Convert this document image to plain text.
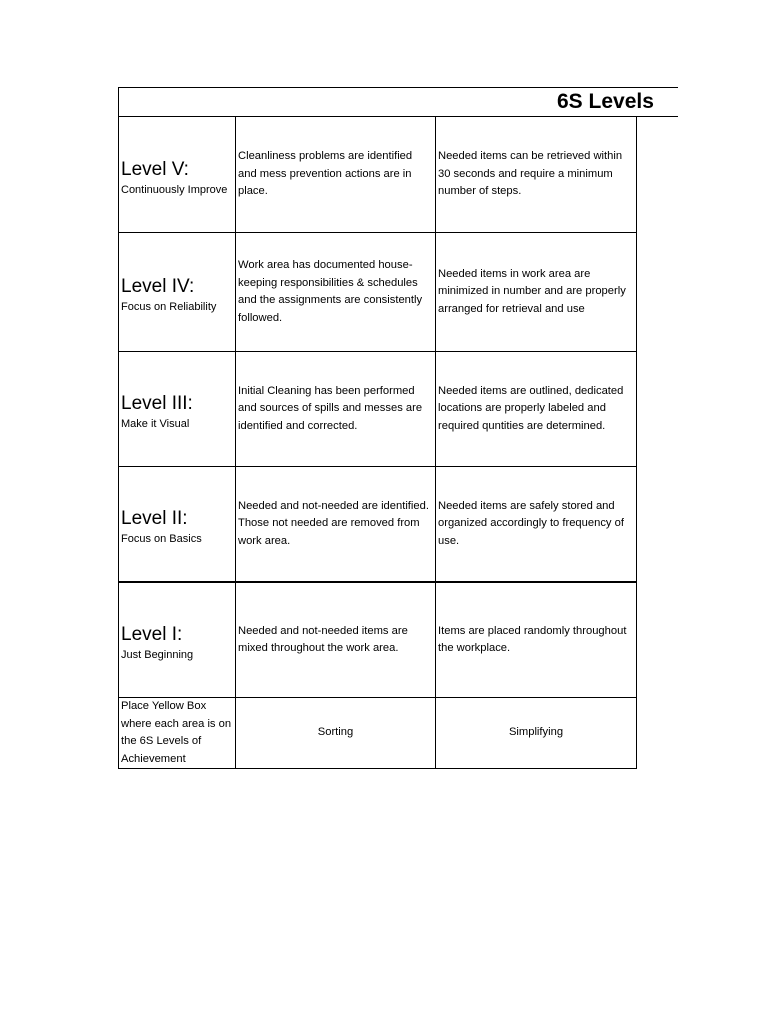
6S Levels
Level V:
Continuously Improve	Cleanliness problems are identified and mess prevention actions are in place.	Needed items can be retrieved within 30 seconds and require a minimum number of steps.

Level IV:
Focus on Reliability	Work area has documented house-keeping responsibilities & schedules and the assignments are consistently followed.	Needed items in work area are minimized in number and are properly arranged for retrieval and use

Level III:
Make it Visual	Initial Cleaning has been performed and sources of spills and messes are identified and corrected.	Needed items are outlined, dedicated locations are properly labeled and required quntities are determined.

Level II:
Focus on Basics	Needed and not-needed are identified. Those not needed are removed from work area.	Needed items are safely stored and organized accordingly to frequency of use.

Level I:
Just Beginning	Needed and not-needed items are mixed throughout the work area.	Items are placed randomly throughout the workplace.
Place Yellow Box where each area is on the 6S Levels of Achievement	Sorting	Simplifying
